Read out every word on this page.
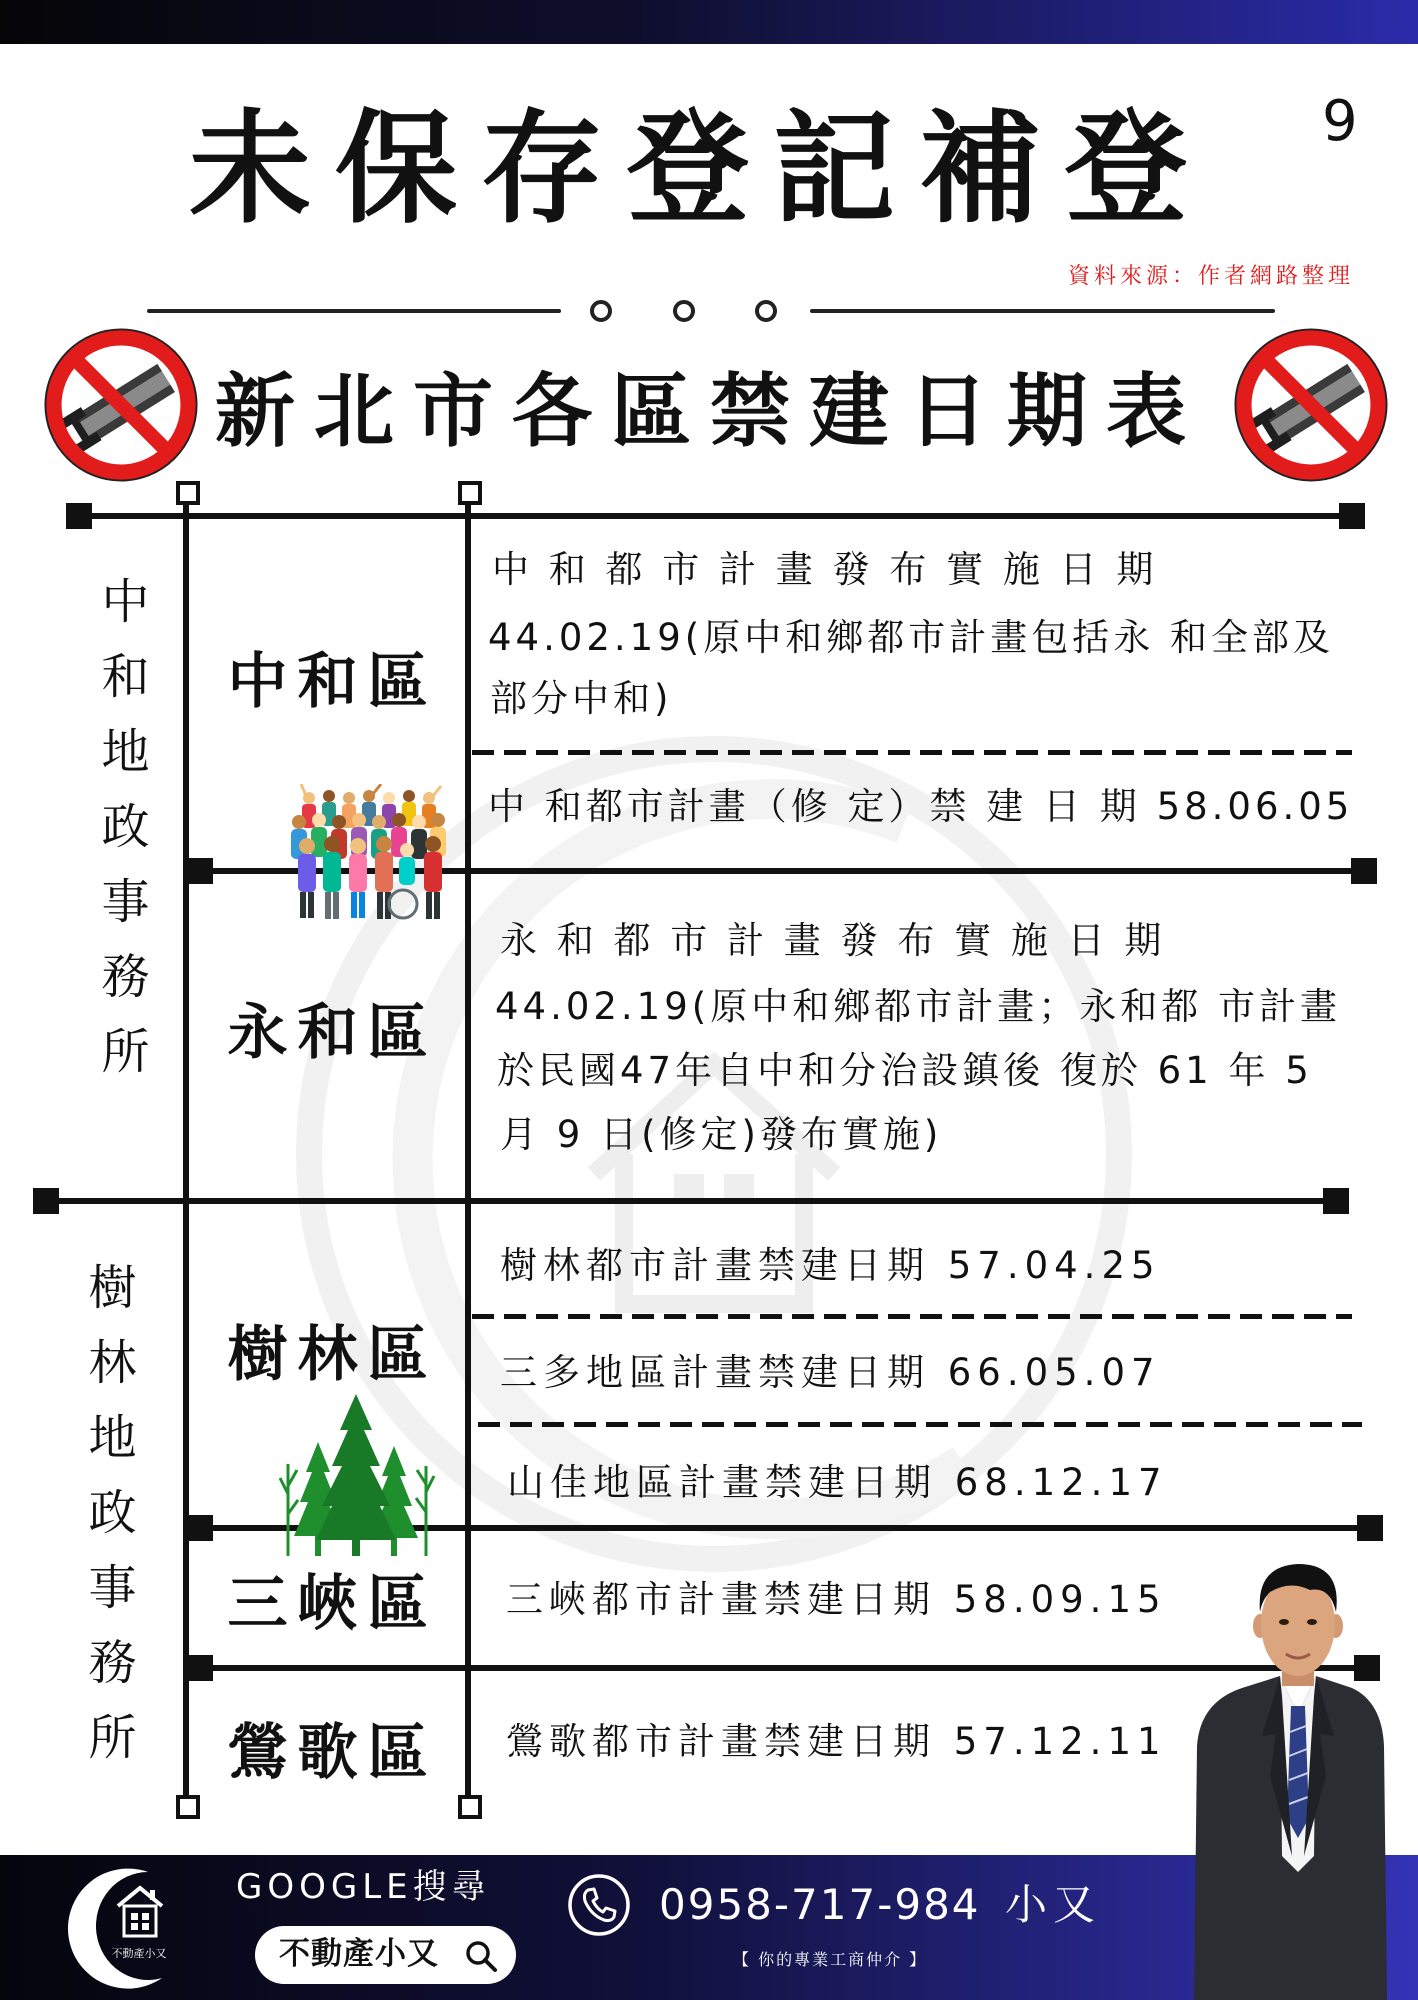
未保存登記補登	9
資料來源：作者網路整理
新北市各區禁建日期表
中和地政事務所
樹林地政事務所
中和區
永和區
樹林區
三峽區
鶯歌區
中 和 都 市 計 畫 發 布 實 施 日 期
44.02.19(原中和鄉都市計畫包括永 和全部及
部分中和)
中 和都市計畫（修 定）禁 建 日 期 58.06.05
永 和 都 市 計 畫 發 布 實 施 日 期
44.02.19(原中和鄉都市計畫；永和都 市計畫
於民國47年自中和分治設鎮後 復於 61 年 5
月 9 日(修定)發布實施)
樹林都市計畫禁建日期 57.04.25
三多地區計畫禁建日期 66.05.07
山佳地區計畫禁建日期 68.12.17
三峽都市計畫禁建日期 58.09.15
鶯歌都市計畫禁建日期 57.12.11
不動產小又
GOOGLE搜尋
不動產小又
0958-717-984 小又
【 你的專業工商仲介 】
